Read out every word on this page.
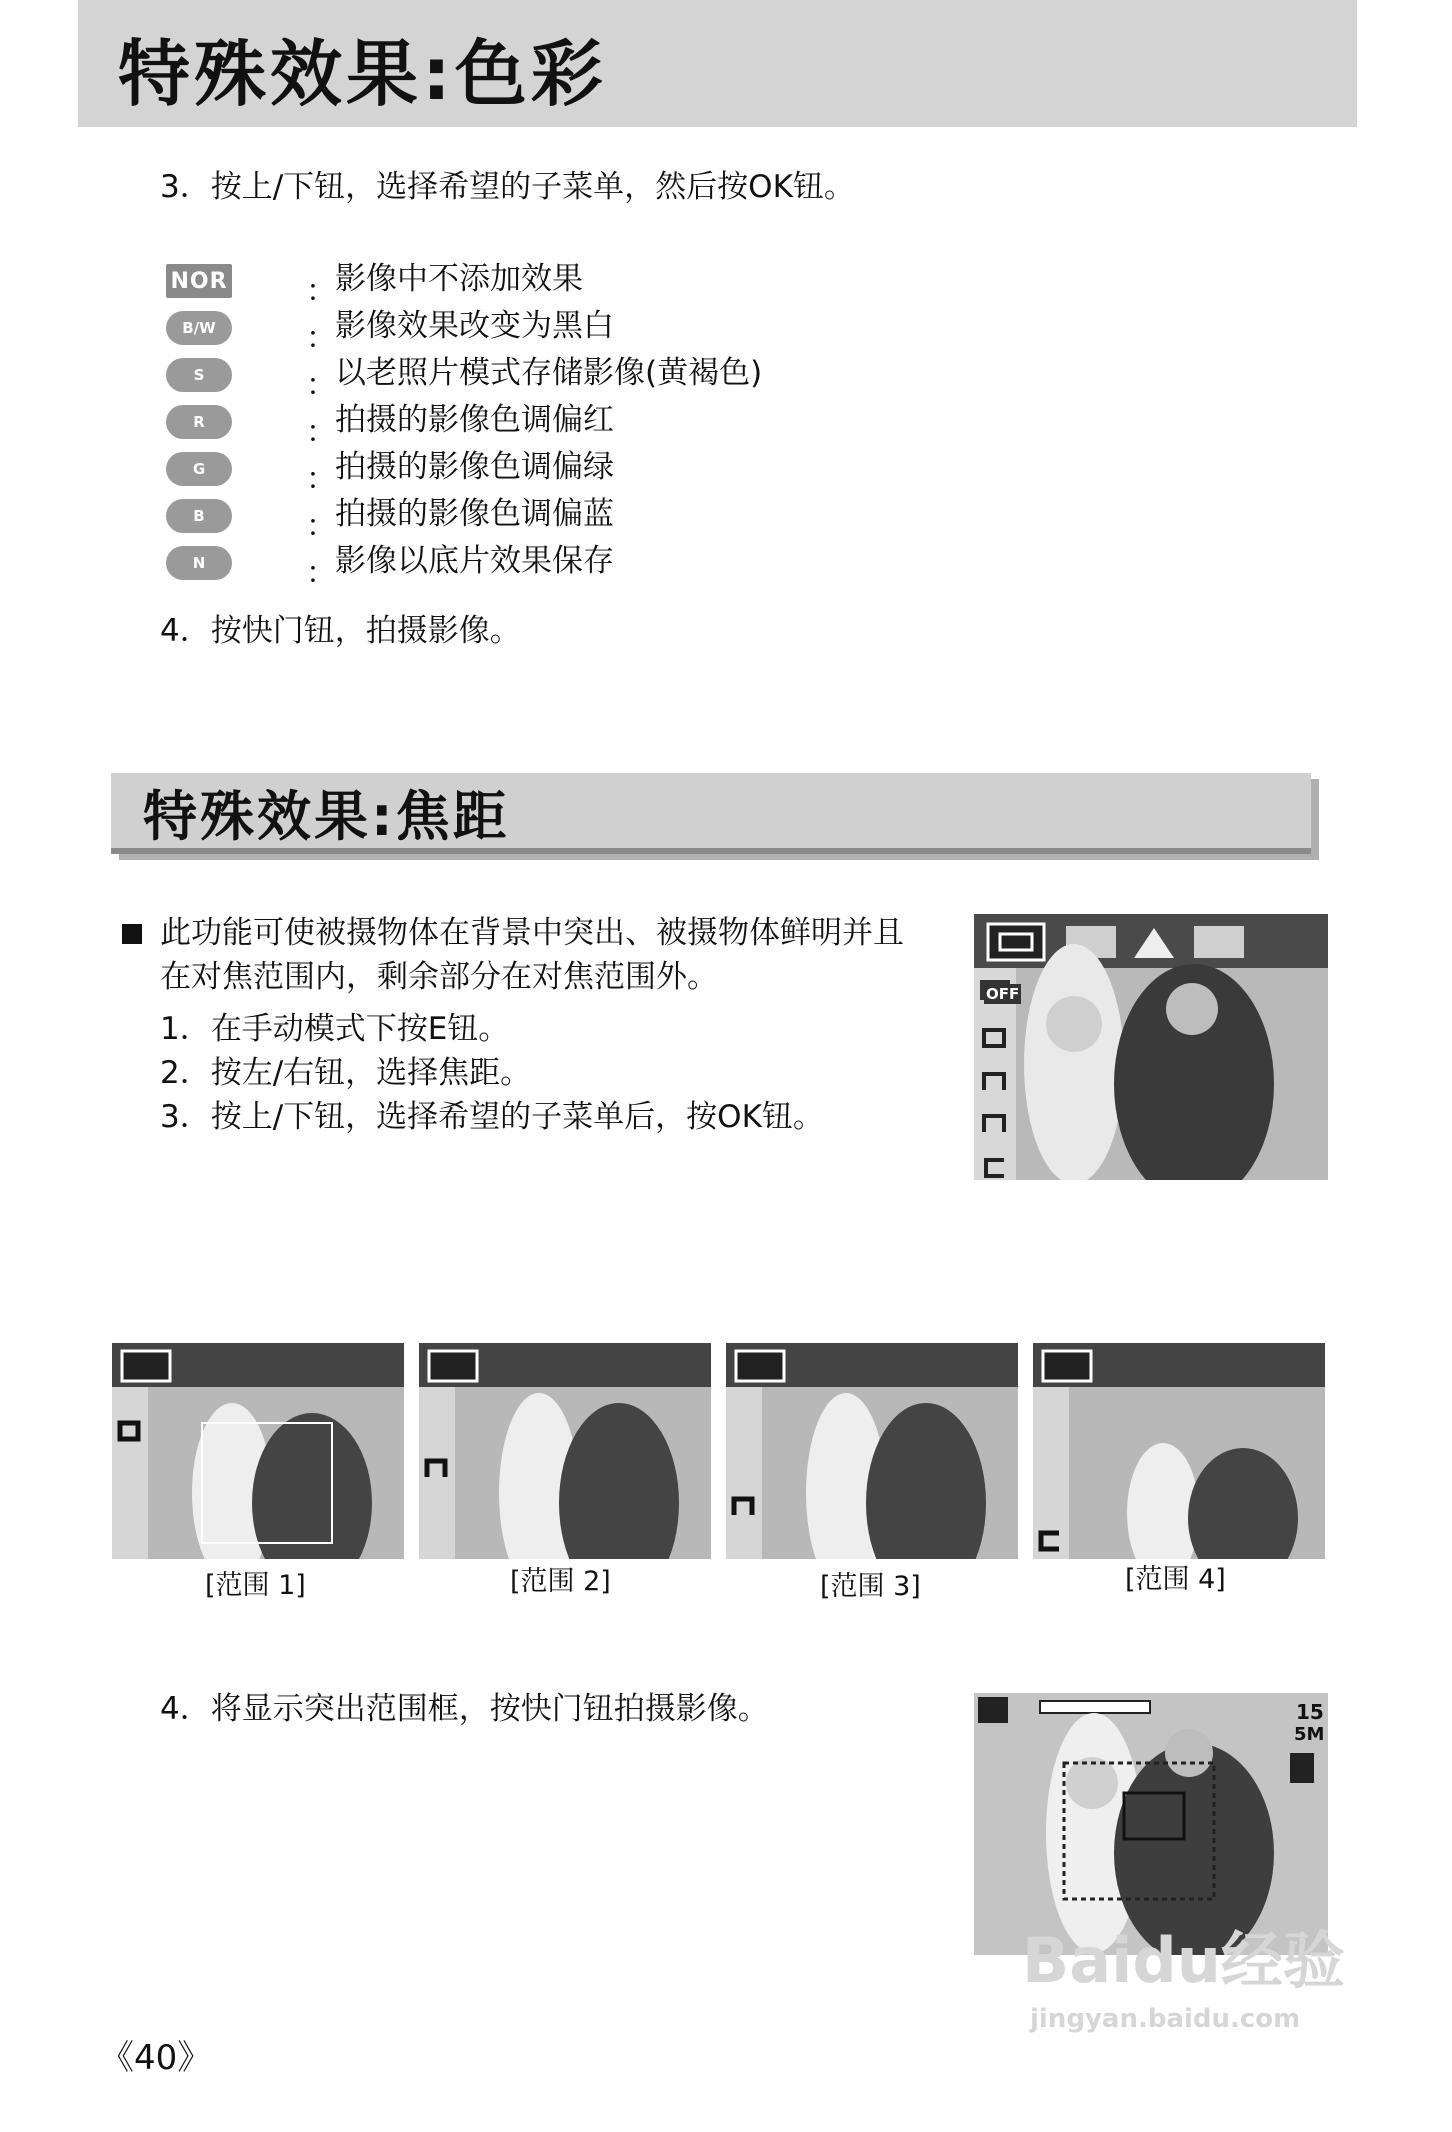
特殊效果:色彩
3．按上/下钮，选择希望的子菜单，然后按OK钮。
NOR	： 影像中不添加效果
B/W	： 影像效果改变为黑白
S	： 以老照片模式存储影像(黄褐色)
R	： 拍摄的影像色调偏红
G	： 拍摄的影像色调偏绿
B	： 拍摄的影像色调偏蓝
N	： 影像以底片效果保存
4．按快门钮，拍摄影像。
特殊效果:焦距
此功能可使被摄物体在背景中突出、被摄物体鲜明并且
在对焦范围内，剩余部分在对焦范围外。
1．在手动模式下按E钮。
2．按左/右钮，选择焦距。
3．按上/下钮，选择希望的子菜单后，按OK钮。
OFF
[范围 1]	[范围 2]	[范围 3]	[范围 4]
4．将显示突出范围框，按快门钮拍摄影像。	15
5M
Baidu经验
jingyan.baidu.com
《40》
